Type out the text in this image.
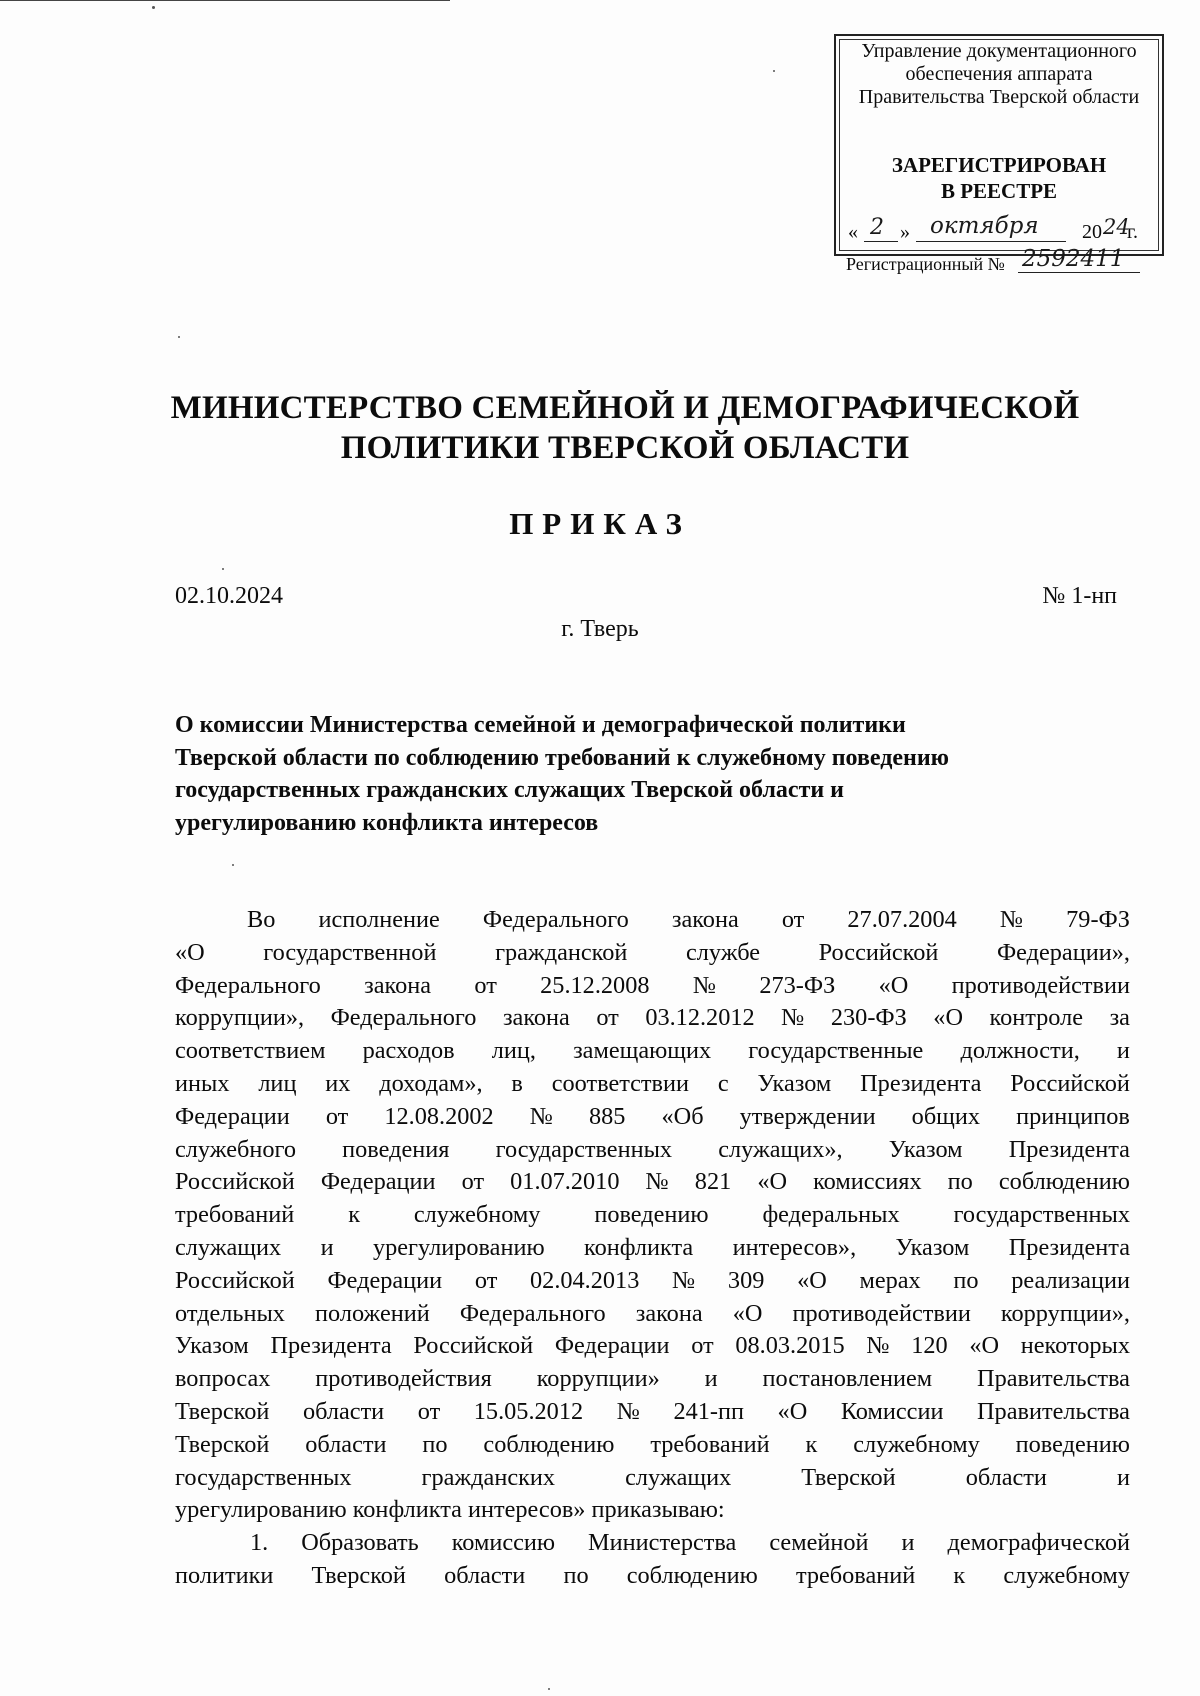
Управление документационного
обеспечения аппарата
Правительства Тверской области
ЗАРЕГИСТРИРОВАН
В РЕЕСТРЕ
« 2 » октября 20 24
г.
Регистрационный № 2592411
МИНИСТЕРСТВО СЕМЕЙНОЙ И ДЕМОГРАФИЧЕСКОЙ
ПОЛИТИКИ ТВЕРСКОЙ ОБЛАСТИ
ПРИКАЗ
02.10.2024	№ 1-нп
г. Тверь
О комиссии Министерства семейной и демографической политики
Тверской области по соблюдению требований к служебному поведению
государственных гражданских служащих Тверской области и
урегулированию конфликта интересов
Во исполнение Федерального закона от 27.07.2004 № 79-ФЗ
«О государственной гражданской службе Российской Федерации»,
Федерального закона от 25.12.2008 № 273-ФЗ «О противодействии
коррупции», Федерального закона от 03.12.2012 № 230-ФЗ «О контроле за
соответствием расходов лиц, замещающих государственные должности, и
иных лиц их доходам», в соответствии с Указом Президента Российской
Федерации от 12.08.2002 № 885 «Об утверждении общих принципов
служебного поведения государственных служащих», Указом Президента
Российской Федерации от 01.07.2010 № 821 «О комиссиях по соблюдению
требований к служебному поведению федеральных государственных
служащих и урегулированию конфликта интересов», Указом Президента
Российской Федерации от 02.04.2013 № 309 «О мерах по реализации
отдельных положений Федерального закона «О противодействии коррупции»,
Указом Президента Российской Федерации от 08.03.2015 № 120 «О некоторых
вопросах противодействия коррупции» и постановлением Правительства
Тверской области от 15.05.2012 № 241-пп «О Комиссии Правительства
Тверской области по соблюдению требований к служебному поведению
государственных	гражданских	служащих	Тверской	области	и
урегулированию конфликта интересов» приказываю:
1. Образовать комиссию Министерства семейной и демографической
политики Тверской области по соблюдению требований к служебному
